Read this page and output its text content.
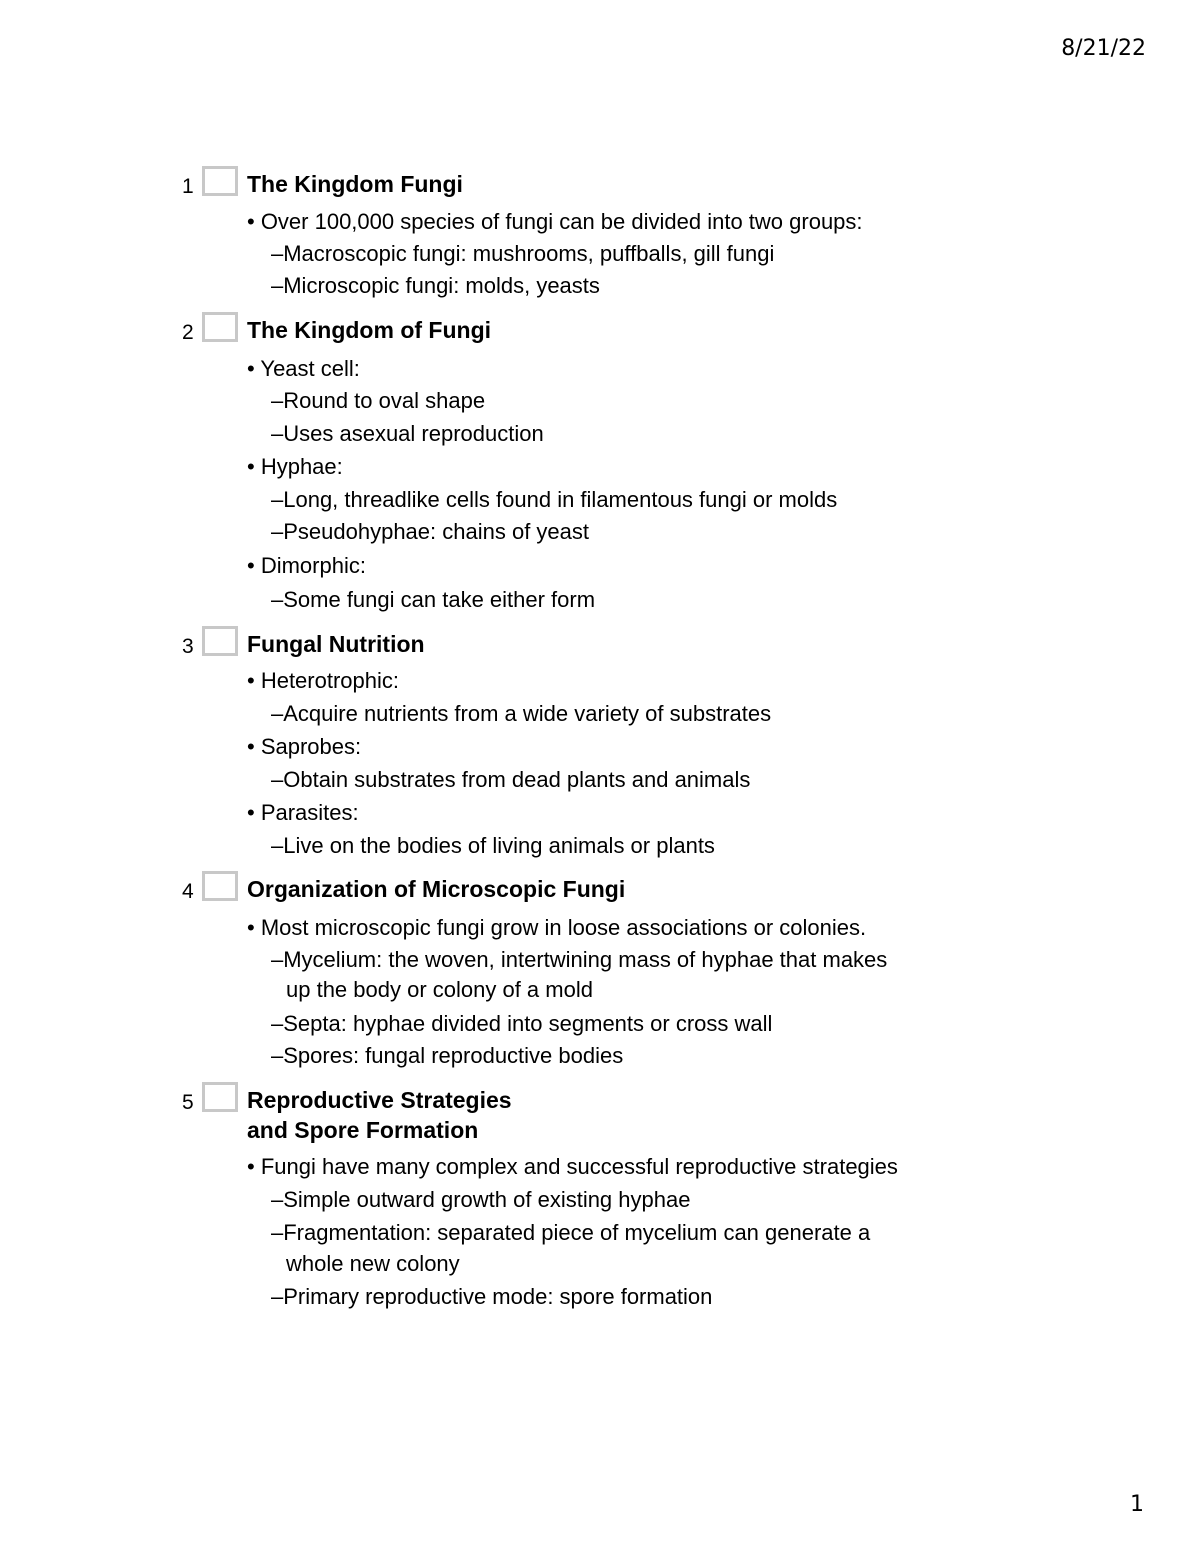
8/21/22
1 The Kingdom Fungi
• Over 100,000 species of fungi can be divided into two groups:
–Macroscopic fungi: mushrooms, puffballs, gill fungi
–Microscopic fungi: molds, yeasts
2 The Kingdom of Fungi
• Yeast cell:
–Round to oval shape
–Uses asexual reproduction
• Hyphae:
–Long, threadlike cells found in filamentous fungi or molds
–Pseudohyphae: chains of yeast
• Dimorphic:
–Some fungi can take either form
3 Fungal Nutrition
• Heterotrophic:
–Acquire nutrients from a wide variety of substrates
• Saprobes:
–Obtain substrates from dead plants and animals
• Parasites:
–Live on the bodies of living animals or plants
4 Organization of Microscopic Fungi
• Most microscopic fungi grow in loose associations or colonies.
–Mycelium: the woven, intertwining mass of hyphae that makes
up the body or colony of a mold
–Septa: hyphae divided into segments or cross wall
–Spores: fungal reproductive bodies
5 Reproductive Strategies
and Spore Formation
• Fungi have many complex and successful reproductive strategies
–Simple outward growth of existing hyphae
–Fragmentation: separated piece of mycelium can generate a
whole new colony
–Primary reproductive mode: spore formation
1
